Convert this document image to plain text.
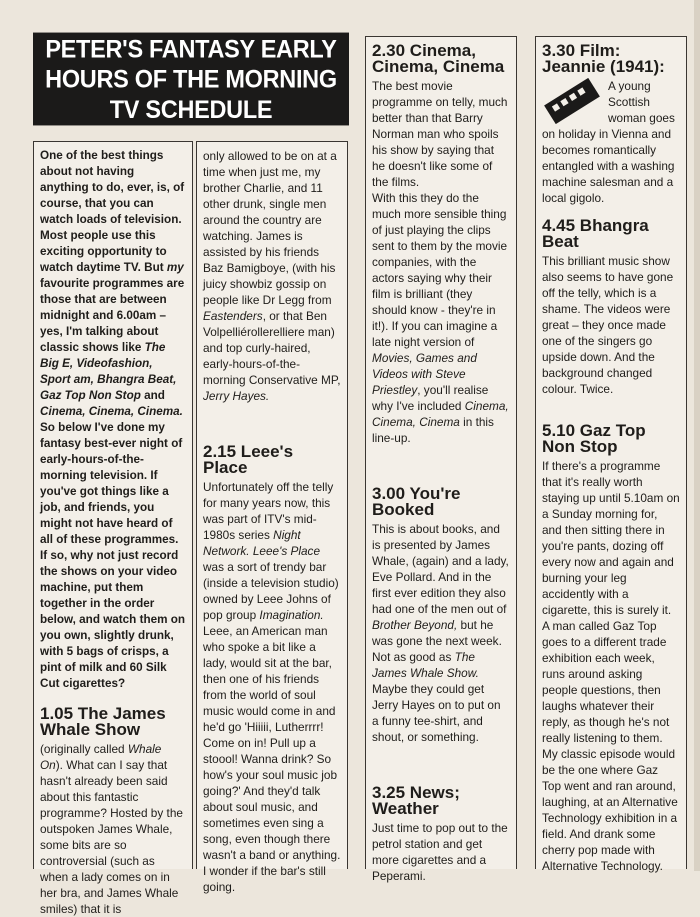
PETER'S FANTASY EARLY HOURS OF THE MORNING TV SCHEDULE
One of the best things about not having anything to do, ever, is, of course, that you can watch loads of television. Most people use this exciting opportunity to watch daytime TV. But my favourite programmes are those that are between midnight and 6.00am – yes, I'm talking about classic shows like The Big E, Videofashion, Sport am, Bhangra Beat, Gaz Top Non Stop and Cinema, Cinema, Cinema. So below I've done my fantasy best-ever night of early-hours-of-the-morning television. If you've got things like a job, and friends, you might not have heard of all of these programmes. If so, why not just record the shows on your video machine, put them together in the order below, and watch them on you own, slightly drunk, with 5 bags of crisps, a pint of milk and 60 Silk Cut cigarettes?
1.05 The James Whale Show
(originally called Whale On). What can I say that hasn't already been said about this fantastic programme? Hosted by the outspoken James Whale, some bits are so controversial (such as when a lady comes on in her bra, and James Whale smiles) that it is
only allowed to be on at a time when just me, my brother Charlie, and 11 other drunk, single men around the country are watching. James is assisted by his friends Baz Bamigboye, (with his juicy showbiz gossip on people like Dr Legg from Eastenders, or that Ben Volpelliérollerelliere man) and top curly-haired, early-hours-of-the-morning Conservative MP, Jerry Hayes.
2.15 Leee's Place
Unfortunately off the telly for many years now, this was part of ITV's mid-1980s series Night Network. Leee's Place was a sort of trendy bar (inside a television studio) owned by Leee Johns of pop group Imagination. Leee, an American man who spoke a bit like a lady, would sit at the bar, then one of his friends from the world of soul music would come in and he'd go 'Hiiiii, Lutherrrr! Come on in! Pull up a stoool! Wanna drink? So how's your soul music job going?' And they'd talk about soul music, and sometimes even sing a song, even though there wasn't a band or anything. I wonder if the bar's still going.
2.30 Cinema, Cinema, Cinema
The best movie programme on telly, much better than that Barry Norman man who spoils his show by saying that he doesn't like some of the films.
With this they do the much more sensible thing of just playing the clips sent to them by the movie companies, with the actors saying why their film is brilliant (they should know - they're in it!). If you can imagine a late night version of Movies, Games and Videos with Steve Priestley, you'll realise why I've included Cinema, Cinema, Cinema in this line-up.
3.00 You're Booked
This is about books, and is presented by James Whale, (again) and a lady, Eve Pollard. And in the first ever edition they also had one of the men out of Brother Beyond, but he was gone the next week. Not as good as The James Whale Show.
Maybe they could get Jerry Hayes on to put on a funny tee-shirt, and shout, or something.
3.25 News; Weather
Just time to pop out to the petrol station and get more cigarettes and a Peperami.
3.30 Film: Jeannie (1941):
A young Scottish woman goes on holiday in Vienna and becomes romantically entangled with a washing machine salesman and a local gigolo.
4.45 Bhangra Beat
This brilliant music show also seems to have gone off the telly, which is a shame. The videos were great – they once made one of the singers go upside down. And the background changed colour. Twice.
5.10 Gaz Top Non Stop
If there's a programme that it's really worth staying up until 5.10am on a Sunday morning for, and then sitting there in you're pants, dozing off every now and again and burning your leg accidently with a cigarette, this is surely it. A man called Gaz Top goes to a different trade exhibition each week, runs around asking people questions, then laughs whatever their reply, as though he's not really listening to them.
My classic episode would be the one where Gaz Top went and ran around, laughing, at an Alternative Technology exhibition in a field. And drank some cherry pop made with Alternative Technology.
